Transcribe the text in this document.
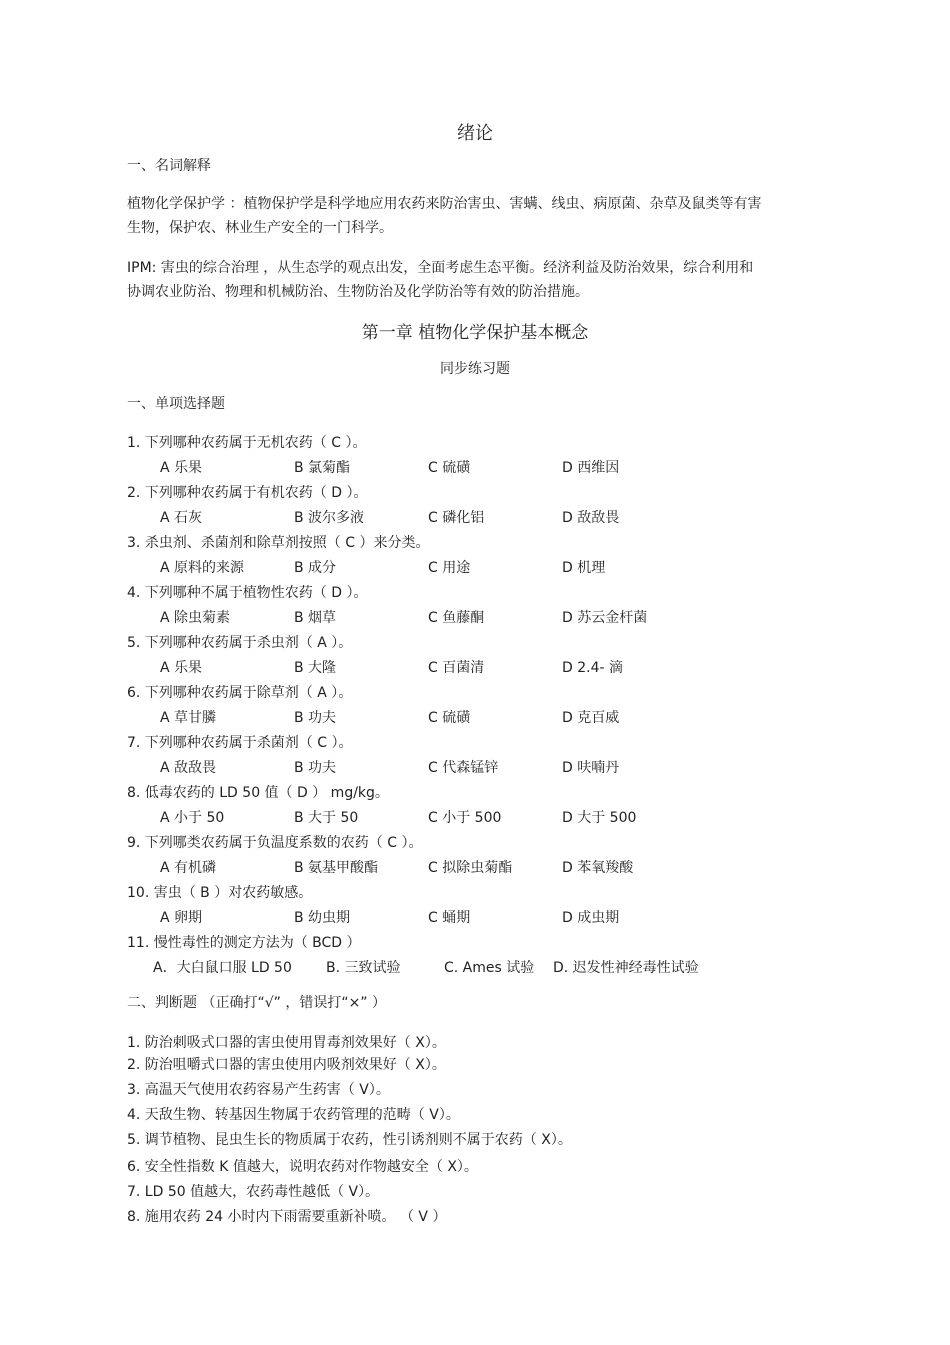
绪论
一、名词解释
植物化学保护学 ：植物保护学是科学地应用农药来防治害虫、害螨、线虫、病原菌、杂草及鼠类等有害生物，保护农、林业生产安全的一门科学。
IPM: 害虫的综合治理 ，从生态学的观点出发，全面考虑生态平衡。经济利益及防治效果，综合利用和协调农业防治、物理和机械防治、生物防治及化学防治等有效的防治措施。
第一章 植物化学保护基本概念
同步练习题
一、单项选择题
1. 下列哪种农药属于无机农药（ C ）。
A 乐果	B 氯菊酯	C 硫磺	D 西维因
2. 下列哪种农药属于有机农药（ D ）。
A 石灰	B 波尔多液	C 磷化铝	D 敌敌畏
3. 杀虫剂、杀菌剂和除草剂按照（ C ）来分类。
A 原料的来源	B 成分	C 用途	D 机理
4. 下列哪种不属于植物性农药（ D ）。
A 除虫菊素	B 烟草	C 鱼藤酮	D 苏云金杆菌
5. 下列哪种农药属于杀虫剂（ A ）。
A 乐果	B 大隆	C 百菌清	D 2.4- 滴
6. 下列哪种农药属于除草剂（ A ）。
A 草甘膦	B 功夫	C 硫磺	D 克百威
7. 下列哪种农药属于杀菌剂（ C ）。
A 敌敌畏	B 功夫	C 代森锰锌	D 呋喃丹
8. 低毒农药的 LD 50 值（ D ） mg/kg。
A 小于 50	B 大于 50	C 小于 500	D 大于 500
9. 下列哪类农药属于负温度系数的农药（ C ）。
A 有机磷	B 氨基甲酸酯	C 拟除虫菊酯	D 苯氧羧酸
10. 害虫（ B ）对农药敏感。
A 卵期	B 幼虫期	C 蛹期	D 成虫期
11. 慢性毒性的测定方法为（ BCD ）
A．大白鼠口服 LD 50 B. 三致试验	C. Ames 试验 D. 迟发性神经毒性试验
二、判断题 （正确打“√” ，错误打“×” ）
1. 防治刺吸式口器的害虫使用胃毒剂效果好（ X）。
2. 防治咀嚼式口器的害虫使用内吸剂效果好（ X）。
3. 高温天气使用农药容易产生药害（ V）。
4. 天敌生物、转基因生物属于农药管理的范畴（ V）。
5. 调节植物、昆虫生长的物质属于农药，性引诱剂则不属于农药（ X）。
6. 安全性指数 K 值越大，说明农药对作物越安全（ X）。
7. LD 50 值越大，农药毒性越低（ V）。
8. 施用农药 24 小时内下雨需要重新补喷。 （ V ）
